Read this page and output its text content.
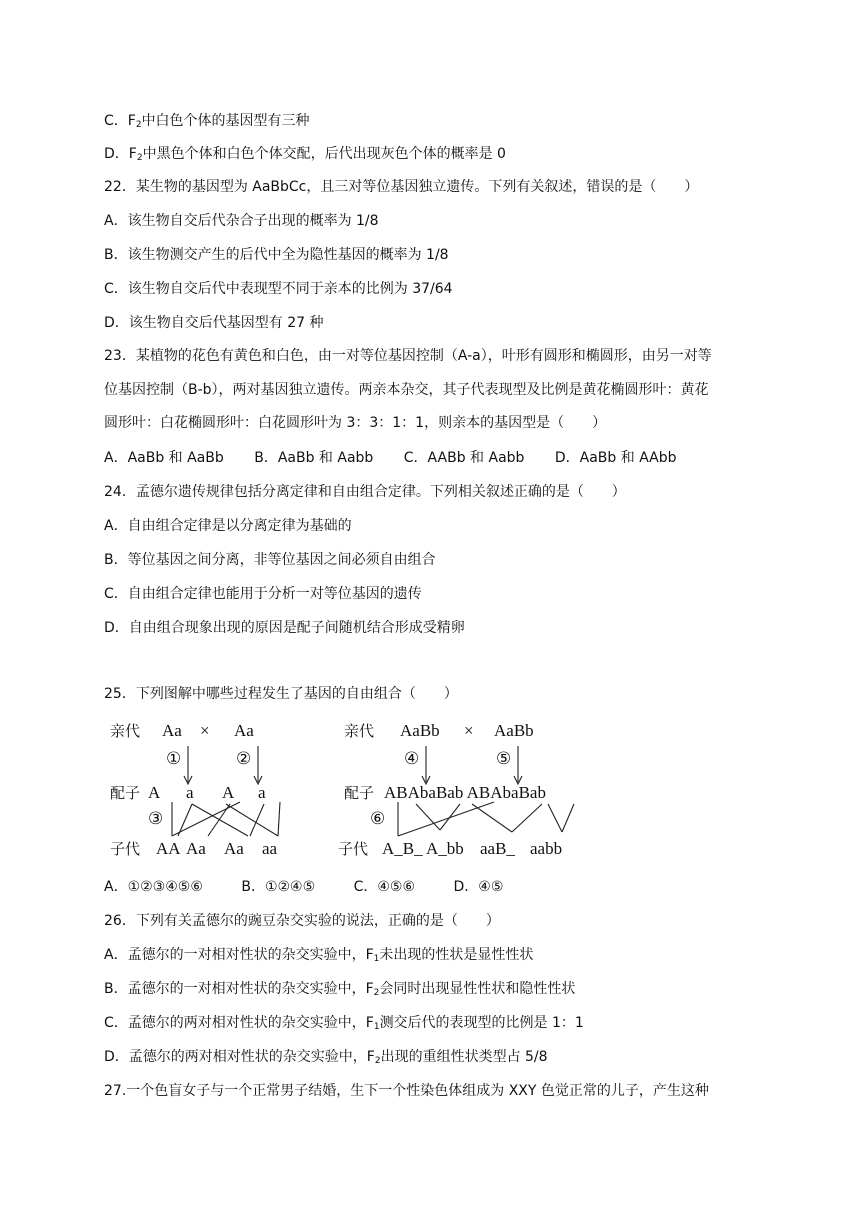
C．$F_2$中白色个体的基因型有三种
D．$F_2$中黑色个体和白色个体交配，后代出现灰色个体的概率是 0
22．某生物的基因型为 AaBbCc，且三对等位基因独立遗传。下列有关叙述，错误的是（　　）
A．该生物自交后代杂合子出现的概率为 1/8
B．该生物测交产生的后代中全为隐性基因的概率为 1/8
C．该生物自交后代中表现型不同于亲本的比例为 37/64
D．该生物自交后代基因型有 27 种
23．某植物的花色有黄色和白色，由一对等位基因控制（A-a），叶形有圆形和椭圆形，由另一对等
位基因控制（B-b），两对基因独立遗传。两亲本杂交，其子代表现型及比例是黄花椭圆形叶：黄花
圆形叶：白花椭圆形叶：白花圆形叶为 3：3：1：1，则亲本的基因型是（　　）
A．AaBb 和 AaBb B．AaBb 和 Aabb C．AABb 和 Aabb D．AaBb 和 AAbb
24．孟德尔遗传规律包括分离定律和自由组合定律。下列相关叙述正确的是（　　）
A．自由组合定律是以分离定律为基础的
B．等位基因之间分离，非等位基因之间必须自由组合
C．自由组合定律也能用于分析一对等位基因的遗传
D．自由组合现象出现的原因是配子间随机结合形成受精卵
25．下列图解中哪些过程发生了基因的自由组合（　　）
亲代 Aa × Aa
①	②
配子 A a A a
③
子代 AA Aa Aa aa
亲代 AaBb × AaBb
④	⑤
配子 ABAbaBab ABAbaBab
⑥
子代 A_B_ A_bb aaB_ aabb
A．①②③④⑤⑥	B．①②④⑤	C．④⑤⑥	D．④⑤
26．下列有关孟德尔的豌豆杂交实验的说法，正确的是（　　）
A．孟德尔的一对相对性状的杂交实验中，$F_1$未出现的性状是显性性状
B．孟德尔的一对相对性状的杂交实验中，$F_2$会同时出现显性性状和隐性性状
C．孟德尔的两对相对性状的杂交实验中，$F_1$测交后代的表现型的比例是 1：1
D．孟德尔的两对相对性状的杂交实验中，$F_2$出现的重组性状类型占 5/8
27.一个色盲女子与一个正常男子结婚，生下一个性染色体组成为 XXY 色觉正常的儿子，产生这种
